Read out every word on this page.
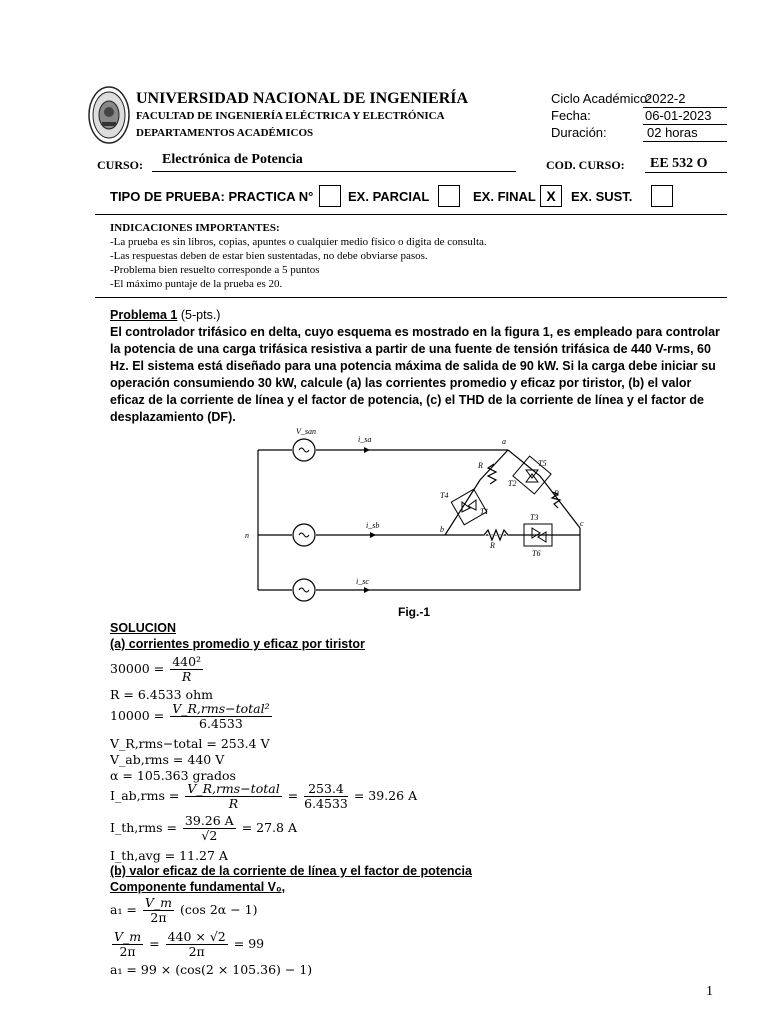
UNIVERSIDAD NACIONAL DE INGENIERÍA
FACULTAD DE INGENIERÍA ELÉCTRICA Y ELECTRÓNICA
DEPARTAMENTOS ACADÉMICOS
Ciclo Académico:
2022-2
Fecha:	06-01-2023
Duración:	02 horas
CURSO: Electrónica de Potencia	COD. CURSO: EE 532 O
TIPO DE PRUEBA: PRACTICA N°	EX. PARCIAL	EX. FINAL X	EX. SUST.
INDICACIONES IMPORTANTES:
-La prueba es sin libros, copias, apuntes o cualquier medio físico o digita de consulta.
-Las respuestas deben de estar bien sustentadas, no debe obviarse pasos.
-Problema bien resuelto corresponde a 5 puntos
-El máximo puntaje de la prueba es 20.
Problema 1 (5-pts.)
El controlador trifásico en delta, cuyo esquema es mostrado en la figura 1, es empleado para controlar la potencia de una carga trifásica resistiva a partir de una fuente de tensión trifásica de 440 V-rms, 60 Hz. El sistema está diseñado para una potencia máxima de salida de 90 kW. Si la carga debe iniciar su operación consumiendo 30 kW, calcule (a) las corrientes promedio y eficaz por tiristor, (b) el valor eficaz de la corriente de línea y el factor de potencia, (c) el THD de la corriente de línea y el factor de desplazamiento (DF).
V_san
i_sa
i_sb
i_sc
n
a
b
c
R
R
R
T1
T2
T3
T4
T5
T6
Fig.-1
SOLUCION
(a) corrientes promedio y eficaz por tiristor
$30000 = \frac{\text{440²}}{R}$
R = 6.4533 ohm
$10000 = \frac{\text{V\_R,rms−total²}}{6.4533}$
V_R,rms−total = 253.4 V
V_ab,rms = 440 V
α = 105.363 grados
I_ab,rms = $\frac{\text{V\_R,rms−total}}{R} = \frac{253.4}{6.4533} = 39.26$ A
I_th,rms = $\frac{39.26 A}{√2} = 27.8$ A
I_th,avg = 11.27 A
(b) valor eficaz de la corriente de línea y el factor de potencia
Componente fundamental V₀,
$a_1 = \frac{V\_m}{2\pi} (\cos$ 2α − 1)
$\frac{V\_m}{2\pi} = \frac{440 \times √2}{2\pi} = 99$
a₁ = 99 × (cos(2 × 105.36) − 1)
1
